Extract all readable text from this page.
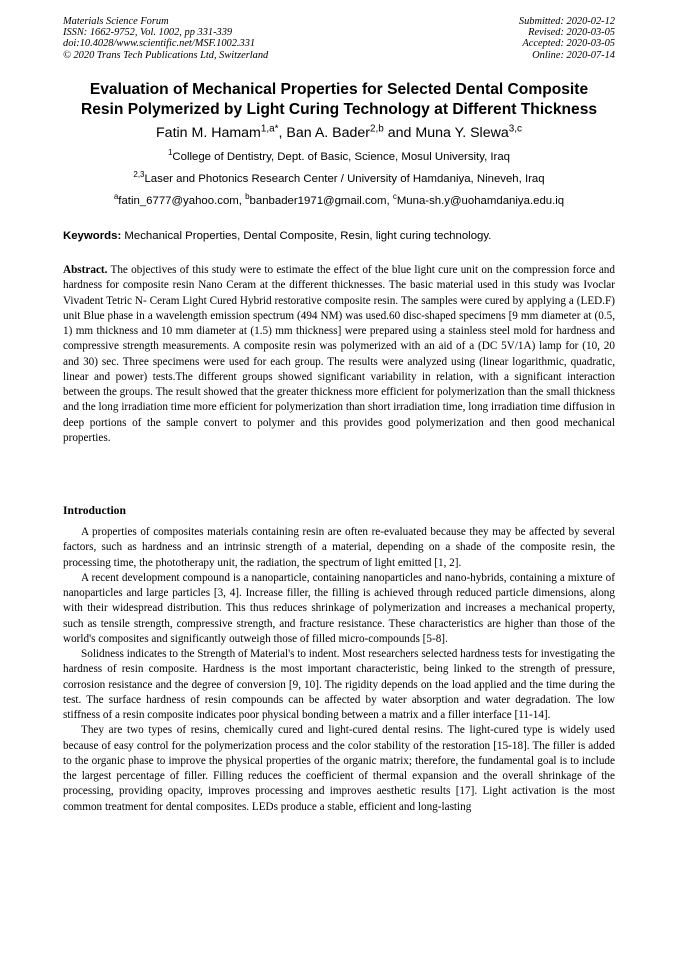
Materials Science Forum
ISSN: 1662-9752, Vol. 1002, pp 331-339
doi:10.4028/www.scientific.net/MSF.1002.331
© 2020 Trans Tech Publications Ltd, Switzerland
Submitted: 2020-02-12
Revised: 2020-03-05
Accepted: 2020-03-05
Online: 2020-07-14
Evaluation of Mechanical Properties for Selected Dental Composite
Resin Polymerized by Light Curing Technology at Different Thickness
Fatin M. Hamam$^{1,a*}$, Ban A. Bader$^{2,b}$ and Muna Y. Slewa$^{3,c}$
$^1$College of Dentistry, Dept. of Basic, Science, Mosul University, Iraq
$^{2,3}$Laser and Photonics Research Center / University of Hamdaniya, Nineveh, Iraq
$^a$fatin_6777@yahoo.com, $^b$banbader1971@gmail.com, $^c$Muna-sh.y@uohamdaniya.edu.iq
Keywords: Mechanical Properties, Dental Composite, Resin, light curing technology.
Abstract. The objectives of this study were to estimate the effect of the blue light cure unit on the compression force and hardness for composite resin Nano Ceram at the different thicknesses. The basic material used in this study was Ivoclar Vivadent Tetric N- Ceram Light Cured Hybrid restorative composite resin. The samples were cured by applying a (LED.F) unit Blue phase in a wavelength emission spectrum (494 NM) was used.60 disc-shaped specimens [9 mm diameter at (0.5, 1) mm thickness and 10 mm diameter at (1.5) mm thickness] were prepared using a stainless steel mold for hardness and compressive strength measurements. A composite resin was polymerized with an aid of a (DC 5V/1A) lamp for (10, 20 and 30) sec. Three specimens were used for each group. The results were analyzed using (linear logarithmic, quadratic, linear and power) tests.The different groups showed significant variability in relation, with a significant interaction between the groups. The result showed that the greater thickness more efficient for polymerization than the small thickness and the long irradiation time more efficient for polymerization than short irradiation time, long irradiation time diffusion in deep portions of the sample convert to polymer and this provides good polymerization and then good mechanical properties.
Introduction

A properties of composites materials containing resin are often re-evaluated because they may be affected by several factors, such as hardness and an intrinsic strength of a material, depending on a shade of the composite resin, the processing time, the phototherapy unit, the radiation, the spectrum of light emitted [1, 2].

A recent development compound is a nanoparticle, containing nanoparticles and nano-hybrids, containing a mixture of nanoparticles and large particles [3, 4]. Increase filler, the filling is achieved through reduced particle dimensions, along with their widespread distribution. This thus reduces shrinkage of polymerization and increases a mechanical property, such as tensile strength, compressive strength, and fracture resistance. These characteristics are higher than those of the world's composites and significantly outweigh those of filled micro-compounds [5-8].

Solidness indicates to the Strength of Material's to indent. Most researchers selected hardness tests for investigating the hardness of resin composite. Hardness is the most important characteristic, being linked to the strength of pressure, corrosion resistance and the degree of conversion [9, 10]. The rigidity depends on the load applied and the time during the test. The surface hardness of resin compounds can be affected by water absorption and water degradation. The low stiffness of a resin composite indicates poor physical bonding between a matrix and a filler interface [11-14].

They are two types of resins, chemically cured and light-cured dental resins. The light-cured type is widely used because of easy control for the polymerization process and the color stability of the restoration [15-18]. The filler is added to the organic phase to improve the physical properties of the organic matrix; therefore, the fundamental goal is to include the largest percentage of filler. Filling reduces the coefficient of thermal expansion and the overall shrinkage of the processing, providing opacity, improves processing and improves aesthetic results [17]. Light activation is the most common treatment for dental composites. LEDs produce a stable, efficient and long-lasting
